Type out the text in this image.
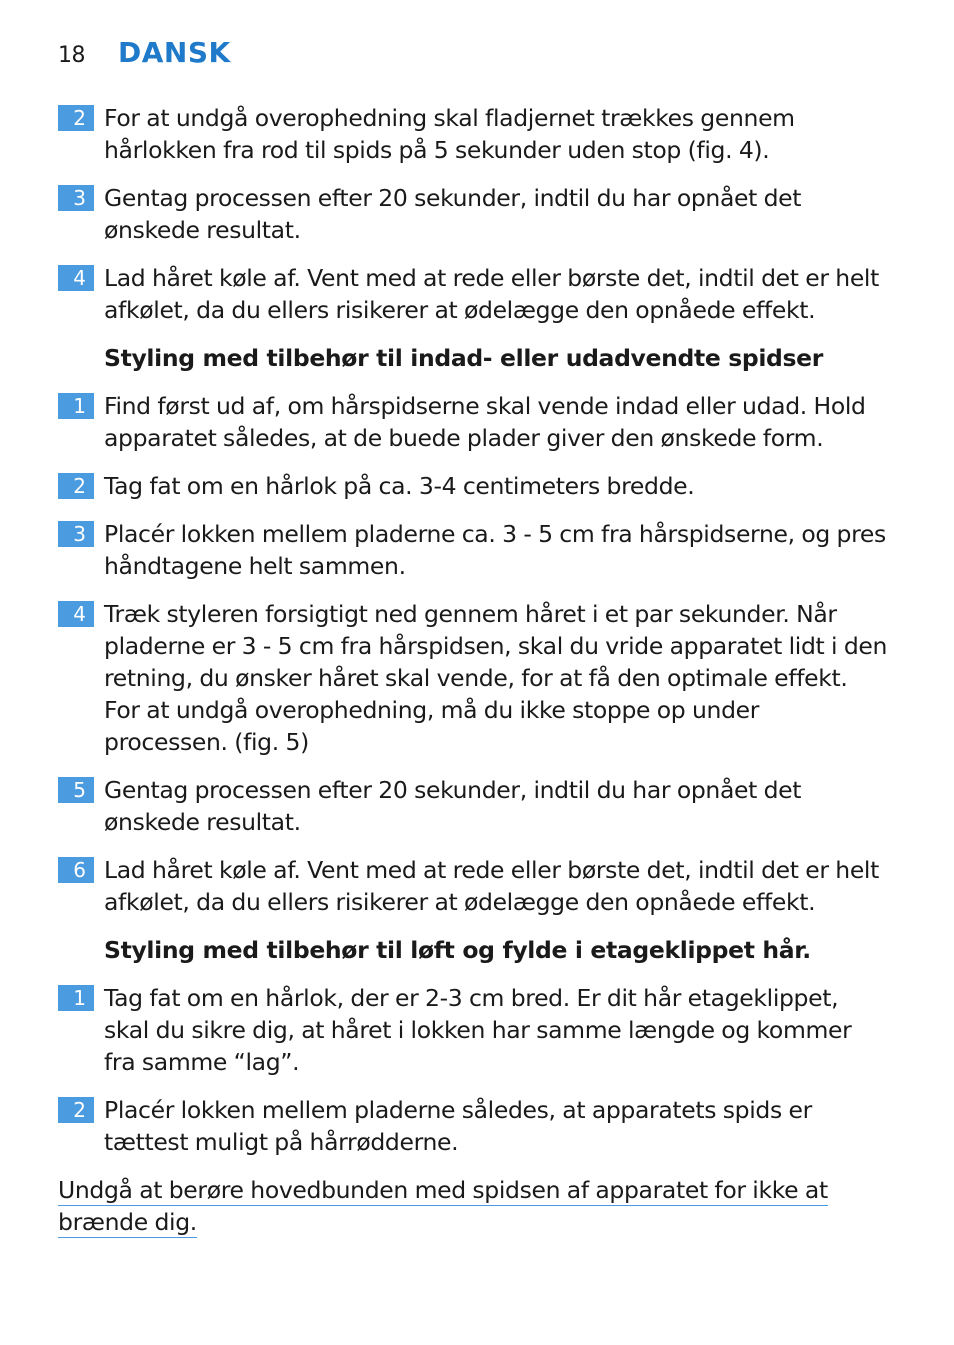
18	DANSK
2 For at undgå overophedning skal fladjernet trækkes gennem hårlokken fra rod til spids på 5 sekunder uden stop (fig. 4).
3 Gentag processen efter 20 sekunder, indtil du har opnået det ønskede resultat.
4 Lad håret køle af. Vent med at rede eller børste det, indtil det er helt afkølet, da du ellers risikerer at ødelægge den opnåede effekt.
Styling med tilbehør til indad- eller udadvendte spidser
1 Find først ud af, om hårspidserne skal vende indad eller udad. Hold apparatet således, at de buede plader giver den ønskede form.
2 Tag fat om en hårlok på ca. 3-4 centimeters bredde.
3 Placér lokken mellem pladerne ca. 3 - 5 cm fra hårspidserne, og pres håndtagene helt sammen.
4 Træk styleren forsigtigt ned gennem håret i et par sekunder. Når pladerne er 3 - 5 cm fra hårspidsen, skal du vride apparatet lidt i den retning, du ønsker håret skal vende, for at få den optimale effekt. For at undgå overophedning, må du ikke stoppe op under processen. (fig. 5)
5 Gentag processen efter 20 sekunder, indtil du har opnået det ønskede resultat.
6 Lad håret køle af. Vent med at rede eller børste det, indtil det er helt afkølet, da du ellers risikerer at ødelægge den opnåede effekt.
Styling med tilbehør til løft og fylde i etageklippet hår.
1 Tag fat om en hårlok, der er 2-3 cm bred. Er dit hår etageklippet, skal du sikre dig, at håret i lokken har samme længde og kommer fra samme “lag”.
2 Placér lokken mellem pladerne således, at apparatets spids er tættest muligt på hårrødderne.
Undgå at berøre hovedbunden med spidsen af apparatet for ikke at brænde dig.
